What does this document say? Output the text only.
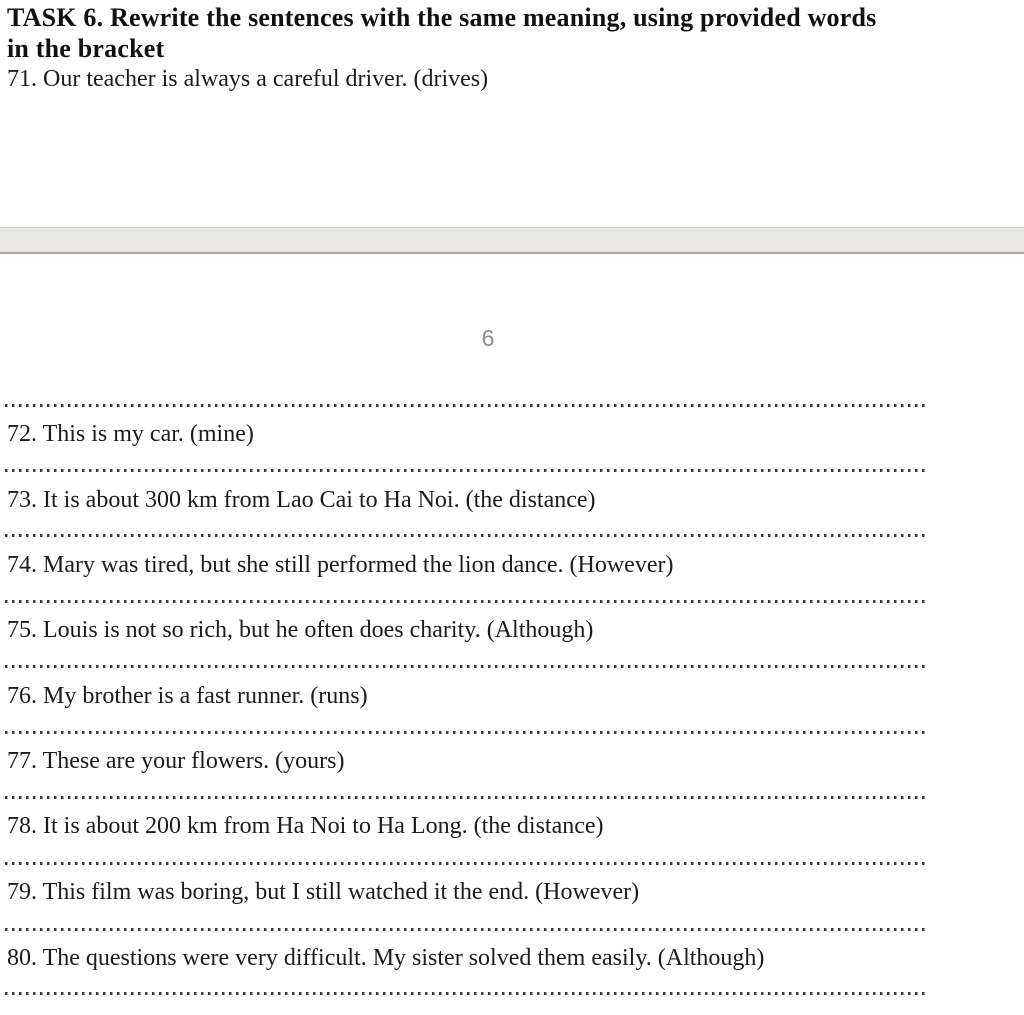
TASK 6. Rewrite the sentences with the same meaning, using provided words
in the bracket
71. Our teacher is always a careful driver. (drives)
6
72. This is my car. (mine)
73. It is about 300 km from Lao Cai to Ha Noi. (the distance)
74. Mary was tired, but she still performed the lion dance. (However)
75. Louis is not so rich, but he often does charity. (Although)
76. My brother is a fast runner. (runs)
77. These are your flowers. (yours)
78. It is about 200 km from Ha Noi to Ha Long. (the distance)
79. This film was boring, but I still watched it the end. (However)
80. The questions were very difficult. My sister solved them easily. (Although)
